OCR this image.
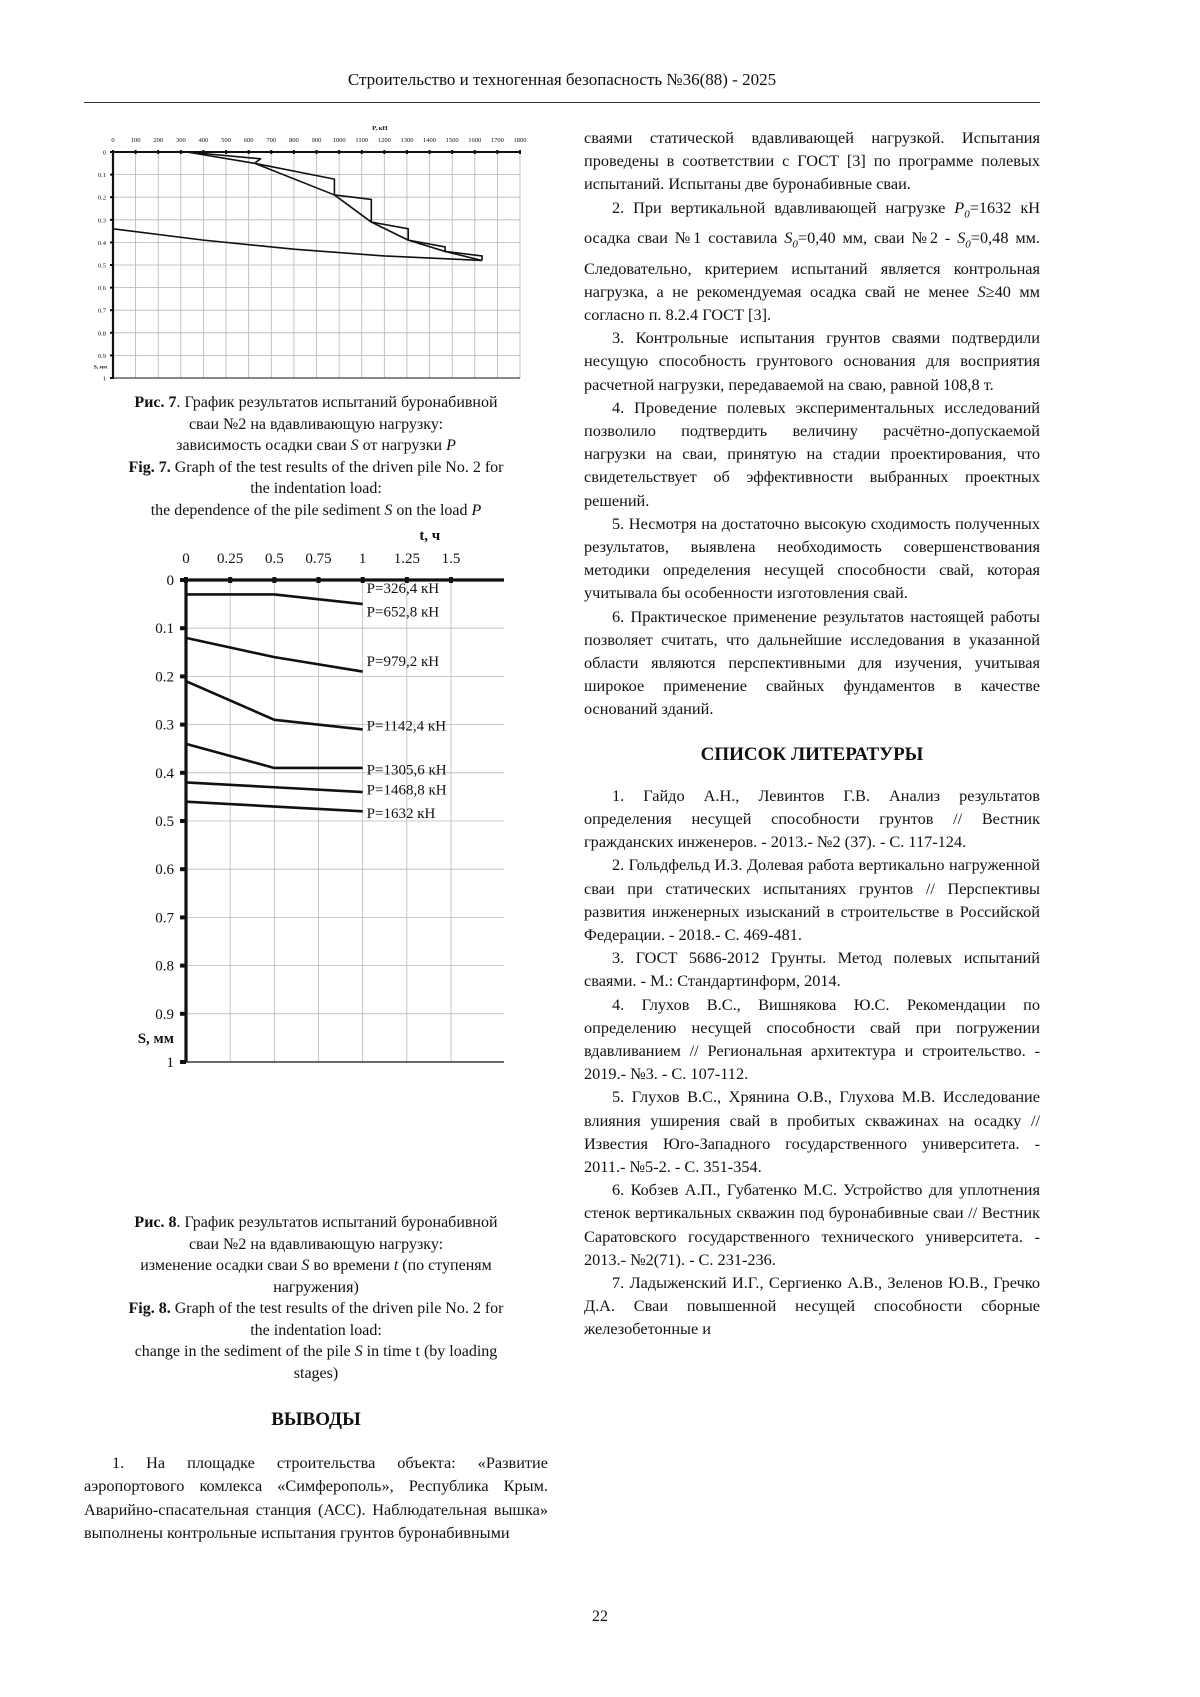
Строительство и техногенная безопасность №36(88) - 2025
0 100 200 300 400 500 600 700 800 900 1000 1100 1200 1300 1400 1500 1600 1700 1800
0
0.1
0.2
0.3
0.4
0.5
0.6
0.7
0.8
0.9
1
P, кН
S, мм
Рис. 7. График результатов испытаний буронабивной
сваи №2 на вдавливающую нагрузку:
зависимость осадки сваи S от нагрузки P
Fig. 7. Graph of the test results of the driven pile No. 2 for
the indentation load:
the dependence of the pile sediment S on the load P
0 0.25 0.5 0.75 1 1.25 1.5
0
0.1
0.2
0.3
0.4
0.5
0.6
0.7
0.8
0.9
1
t, ч
S, мм
P=326,4 кН
P=652,8 кН
P=979,2 кН
P=1142,4 кН
P=1305,6 кН
P=1468,8 кН
P=1632 кН
Рис. 8. График результатов испытаний буронабивной
сваи №2 на вдавливающую нагрузку:
изменение осадки сваи S во времени t (по ступеням
нагружения)
Fig. 8. Graph of the test results of the driven pile No. 2 for
the indentation load:
change in the sediment of the pile S in time t (by loading
stages)

ВЫВОДЫ

1. На площадке строительства объекта: «Развитие аэропортового комлекса «Симферополь», Республика Крым. Аварийно-спасательная станция (АСС). Наблюдательная вышка» выполнены контрольные испытания грунтов буронабивными

сваями статической вдавливающей нагрузкой. Испытания проведены в соответствии с ГОСТ [3] по программе полевых испытаний. Испытаны две буронабивные сваи.

2. При вертикальной вдавливающей нагрузке $P_0=1632$ кН осадка сваи №1 составила $S_0=0,40$ мм, сваи №2 - $S_0=0,48$ мм. Следовательно, критерием испытаний является контрольная нагрузка, а не рекомендуемая осадка свай не менее S≥40 мм согласно п. 8.2.4 ГОСТ [3].

3. Контрольные испытания грунтов сваями подтвердили несущую способность грунтового основания для восприятия расчетной нагрузки, передаваемой на сваю, равной 108,8 т.

4. Проведение полевых экспериментальных исследований позволило подтвердить величину расчётно-допускаемой нагрузки на сваи, принятую на стадии проектирования, что свидетельствует об эффективности выбранных проектных решений.

5. Несмотря на достаточно высокую сходимость полученных результатов, выявлена необходимость совершенствования методики определения несущей способности свай, которая учитывала бы особенности изготовления свай.

6. Практическое применение результатов настоящей работы позволяет считать, что дальнейшие исследования в указанной области являются перспективными для изучения, учитывая широкое применение свайных фундаментов в качестве оснований зданий.

СПИСОК ЛИТЕРАТУРЫ

1. Гайдо А.Н., Левинтов Г.В. Анализ результатов определения несущей способности грунтов // Вестник гражданских инженеров. - 2013.- №2 (37). - С. 117-124.

2. Гольдфельд И.З. Долевая работа вертикально нагруженной сваи при статических испытаниях грунтов // Перспективы развития инженерных изысканий в строительстве в Российской Федерации. - 2018.- С. 469-481.

3. ГОСТ 5686-2012 Грунты. Метод полевых испытаний сваями. - М.: Стандартинформ, 2014.

4. Глухов В.С., Вишнякова Ю.С. Рекомендации по определению несущей способности свай при погружении вдавливанием // Региональная архитектура и строительство. - 2019.- №3. - С. 107-112.

5. Глухов В.С., Хрянина О.В., Глухова М.В. Исследование влияния уширения свай в пробитых скважинах на осадку // Известия Юго-Западного государственного университета. - 2011.- №5-2. - С. 351-354.

6. Кобзев А.П., Губатенко М.С. Устройство для уплотнения стенок вертикальных скважин под буронабивные сваи // Вестник Саратовского государственного технического университета. - 2013.- №2(71). - С. 231-236.

7. Ладыженский И.Г., Сергиенко А.В., Зеленов Ю.В., Гречко Д.А. Сваи повышенной несущей способности сборные железобетонные и

22
